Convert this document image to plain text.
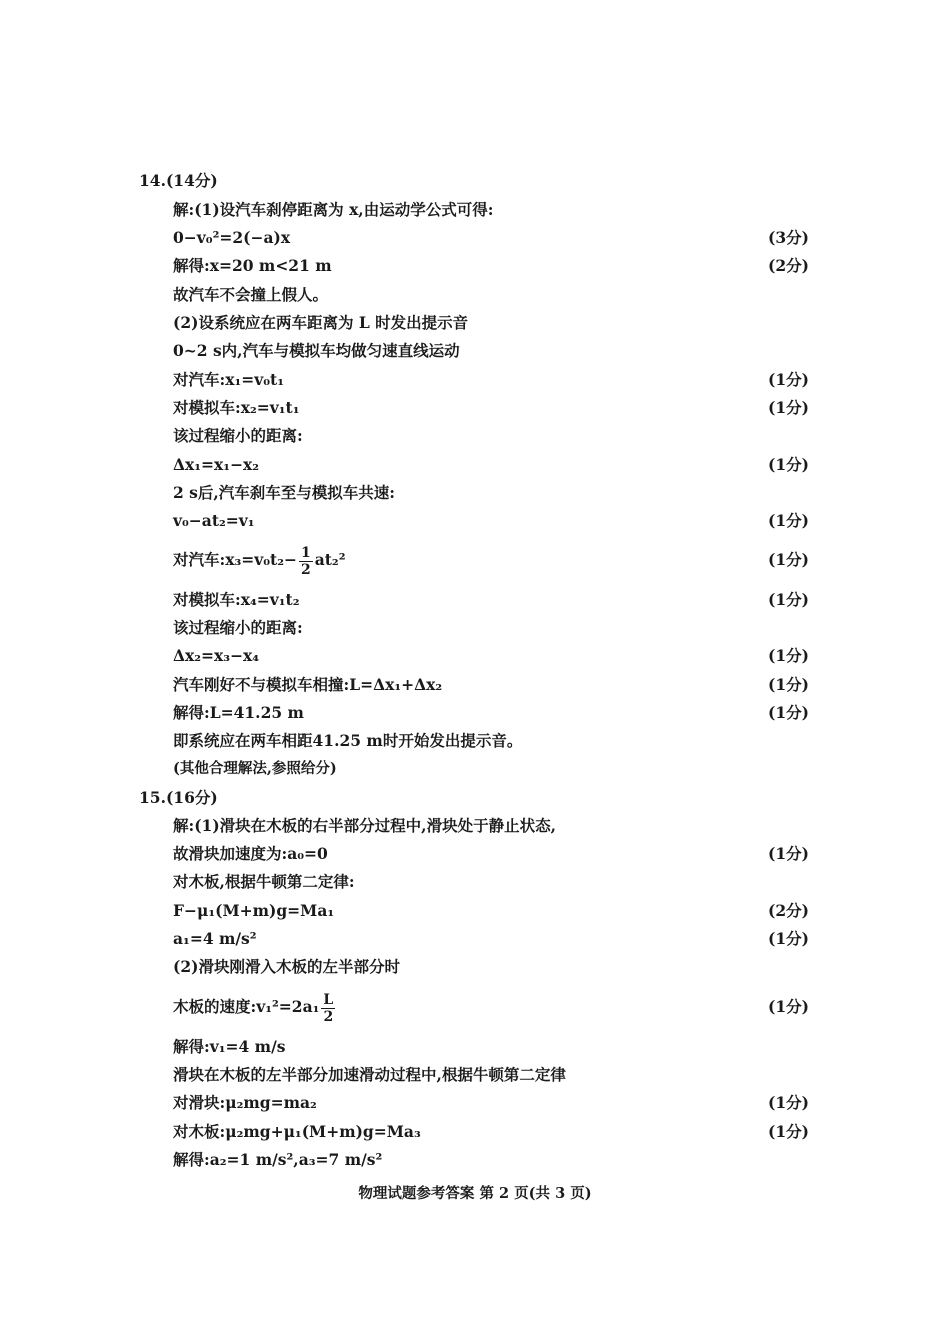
14.(14分)
解:(1)设汽车刹停距离为 x,由运动学公式可得:
0−v₀²=2(−a)x	(3分)
解得:x=20 m<21 m	(2分)
故汽车不会撞上假人。
(2)设系统应在两车距离为 L 时发出提示音
0~2 s内,汽车与模拟车均做匀速直线运动
对汽车:x₁=v₀t₁	(1分)
对模拟车:x₂=v₁t₁	(1分)
该过程缩小的距离:
Δx₁=x₁−x₂	(1分)
2 s后,汽车刹车至与模拟车共速:
v₀−at₂=v₁	(1分)
对汽车:x₃=v₀t₂− $\frac{1}{2} at_2^2$	(1分)
对模拟车:x₄=v₁t₂	(1分)
该过程缩小的距离:
Δx₂=x₃−x₄	(1分)
汽车刚好不与模拟车相撞:L=Δx₁+Δx₂	(1分)
解得:L=41.25 m	(1分)
即系统应在两车相距41.25 m时开始发出提示音。
(其他合理解法,参照给分)
15.(16分)
解:(1)滑块在木板的右半部分过程中,滑块处于静止状态,
故滑块加速度为:a₀=0	(1分)
对木板,根据牛顿第二定律:
F−μ₁(M+m)g=Ma₁	(2分)
a₁=4 m/s²	(1分)
(2)滑块刚滑入木板的左半部分时
木板的速度:v₁²=2a₁ $\frac{L}{2}$	(1分)
解得:v₁=4 m/s
滑块在木板的左半部分加速滑动过程中,根据牛顿第二定律
对滑块:μ₂mg=ma₂	(1分)
对木板:μ₂mg+μ₁(M+m)g=Ma₃	(1分)
解得:a₂=1 m/s²,a₃=7 m/s²
物理试题参考答案 第 2 页(共 3 页)
